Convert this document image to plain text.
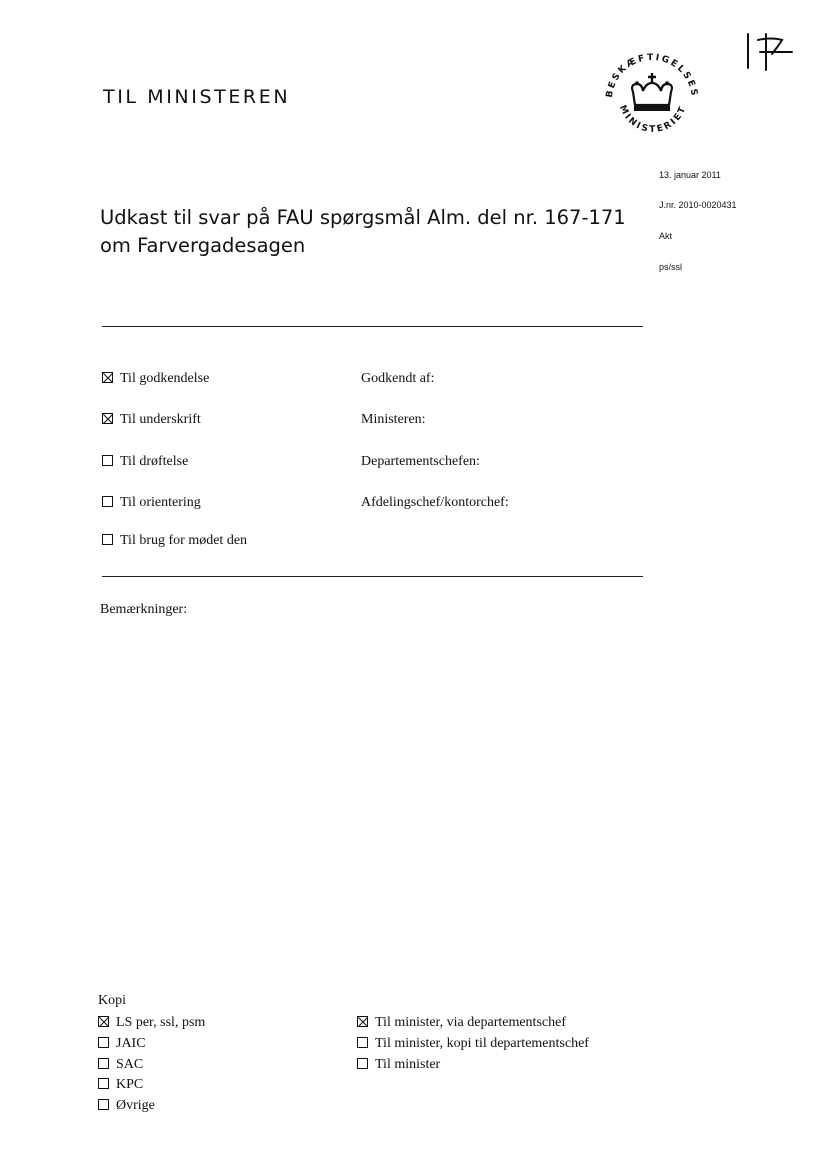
TIL MINISTEREN	BESKÆFTIGELSES
MINISTERIET
13. januar 2011
J.nr. 2010-0020431
Akt
ps/ssl
Udkast til svar på FAU spørgsmål Alm. del nr. 167-171
om Farvergadesagen
Til godkendelse
Til underskrift
Til drøftelse
Til orientering
Til brug for mødet den
Godkendt af:
Ministeren:
Departementschefen:
Afdelingschef/kontorchef:
Bemærkninger:
Kopi
LS per, ssl, psm
JAIC
SAC
KPC
Øvrige
Til minister, via departementschef
Til minister, kopi til departementschef
Til minister
